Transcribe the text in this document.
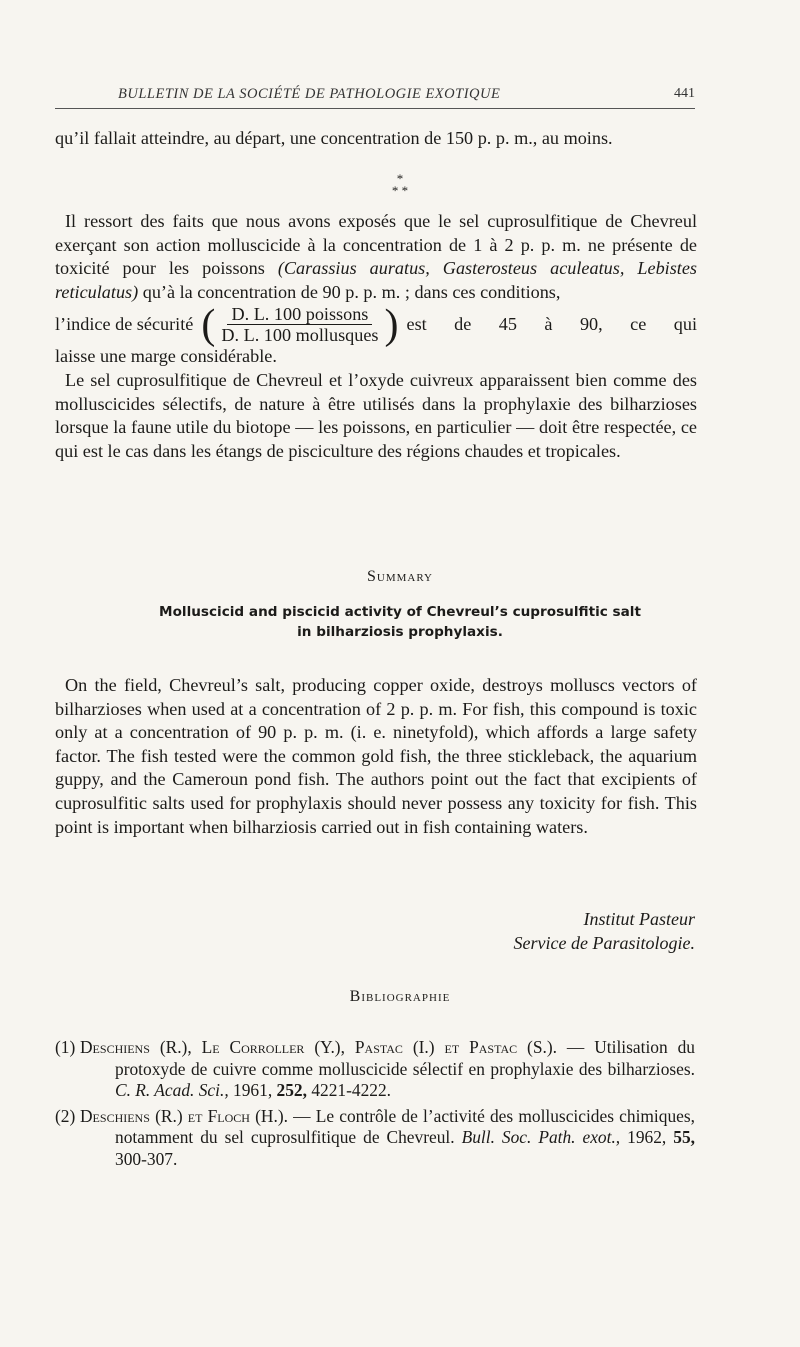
BULLETIN DE LA SOCIÉTÉ DE PATHOLOGIE EXOTIQUE	441
qu’il fallait atteindre, au départ, une concentration de 150 p. p. m., au moins.
*
* *

Il ressort des faits que nous avons exposés que le sel cuprosulfitique de Chevreul exerçant son action molluscicide à la concentration de 1 à 2 p. p. m. ne présente de toxicité pour les poissons (Carassius auratus, Gasterosteus aculeatus, Lebistes reticulatus) qu’à la concentration de 90 p. p. m. ; dans ces conditions,

l’indice de sécurité ( $\frac{\text{D. L. 100 poissons}}{\text{D. L. 100 mollusques}}$ ) est de 45 à 90, ce qui

laisse une marge considérable.

Le sel cuprosulfitique de Chevreul et l’oxyde cuivreux apparaissent bien comme des molluscicides sélectifs, de nature à être utilisés dans la prophylaxie des bilharzioses lorsque la faune utile du biotope — les poissons, en particulier — doit être respectée, ce qui est le cas dans les étangs de pisciculture des régions chaudes et tropicales.

Summary
Molluscicid and piscicid activity of Chevreul’s cuprosulfitic salt
in bilharziosis prophylaxis.
On the field, Chevreul’s salt, producing copper oxide, destroys molluscs vectors of bilharzioses when used at a concentration of 2 p. p. m. For fish, this compound is toxic only at a concentration of 90 p. p. m. (i. e. ninetyfold), which affords a large safety factor. The fish tested were the common gold fish, the three stickleback, the aquarium guppy, and the Cameroun pond fish. The authors point out the fact that excipients of cuprosulfitic salts used for prophylaxis should never possess any toxicity for fish. This point is important when bilharziosis carried out in fish containing waters.
Institut Pasteur
Service de Parasitologie.
Bibliographie
(1) Deschiens (R.), Le Corroller (Y.), Pastac (I.) et Pastac (S.). — Utilisation du protoxyde de cuivre comme molluscicide sélectif en prophylaxie des bilharzioses. C. R. Acad. Sci., 1961, 252, 4221-4222.
(2) Deschiens (R.) et Floch (H.). — Le contrôle de l’activité des molluscicides chimiques, notamment du sel cuprosulfitique de Chevreul. Bull. Soc. Path. exot., 1962, 55, 300-307.
